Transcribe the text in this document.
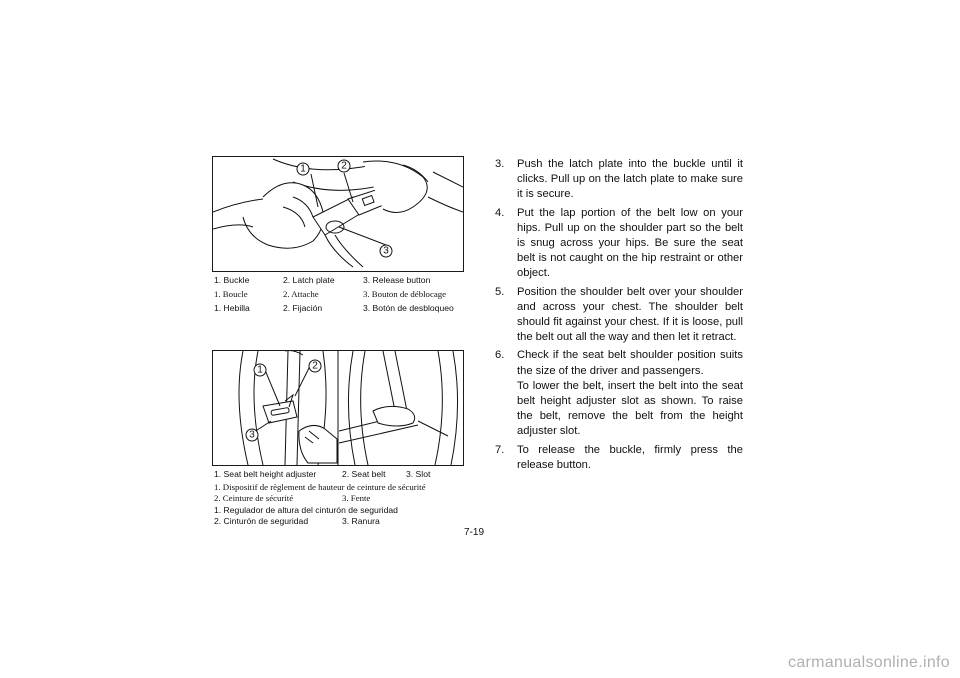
1	2
3
1. Buckle	2. Latch plate	3. Release button
1. Boucle	2. Attache	3. Bouton de déblocage
1. Hebilla	2. Fijación	3. Botón de desbloqueo
1	2
3
1. Seat belt height adjuster	2. Seat belt 3. Slot
1. Dispositif de règlement de hauteur de ceinture de sécurité
2. Ceinture de sécurité	3. Fente
1. Regulador de altura del cinturón de seguridad
2. Cinturón de seguridad	3. Ranura
3. Push the latch plate into the buckle until it clicks. Pull up on the latch plate to make sure it is secure.

4. Put the lap portion of the belt low on your hips. Pull up on the shoulder part so the belt is snug across your hips. Be sure the seat belt is not caught on the hip restraint or other object.

5. Position the shoulder belt over your shoulder and across your chest. The shoulder belt should fit against your chest. If it is loose, pull the belt out all the way and then let it retract.

6. Check if the seat belt shoulder position suits the size of the driver and passengers.

To lower the belt, insert the belt into the seat belt height adjuster slot as shown. To raise the belt, remove the belt from the height adjuster slot.

7. To release the buckle, firmly press the release button.

7-19
carmanualsonline.info
